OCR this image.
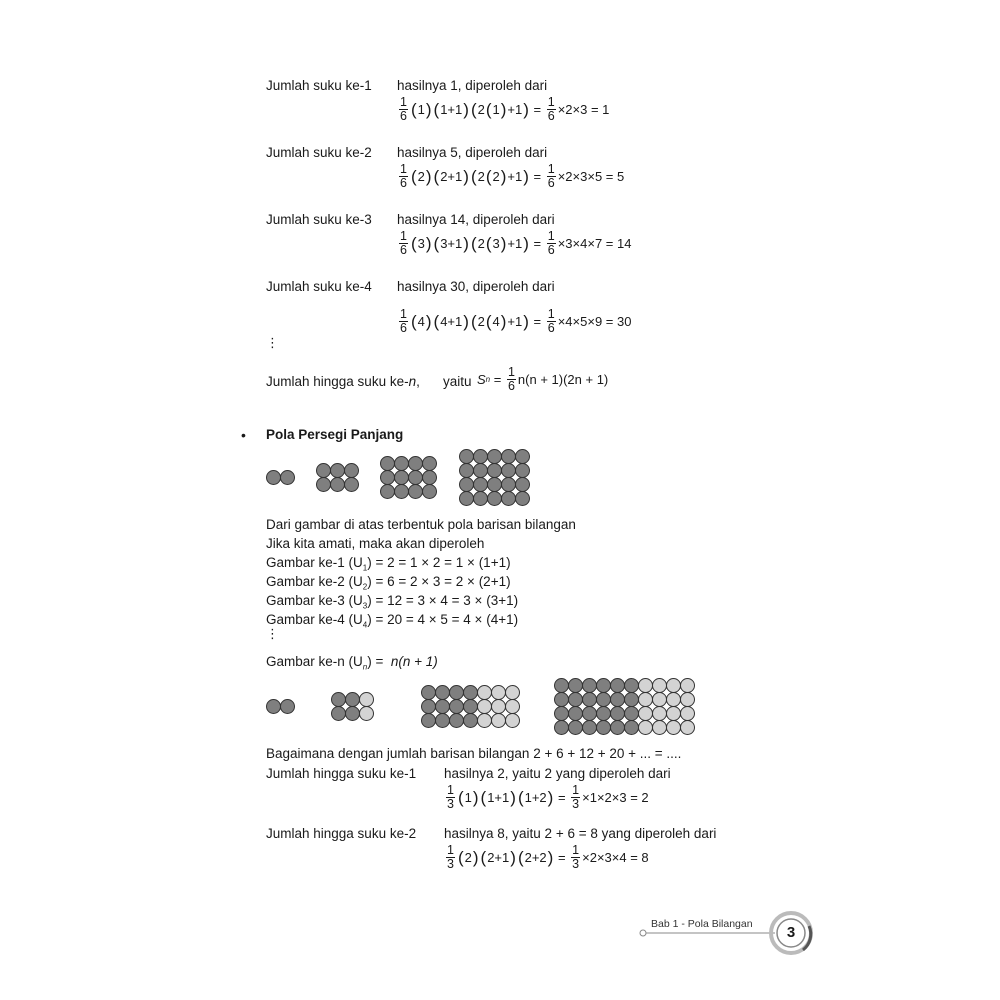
Jumlah suku ke-1 hasilnya 1, diperoleh dari
$\frac{1}{6}$ ( 1 ) ( 1+1 ) ( 2 ( 1 ) +1 ) = $\frac{1}{6} \times 2\times 3 = 1$
Jumlah suku ke-2 hasilnya 5, diperoleh dari
$\frac{1}{6}$ ( 2 ) ( 2+1 ) ( 2 ( 2 ) +1 ) = $\frac{1}{6} \times 2\times 3\times 5 = 5$
Jumlah suku ke-3 hasilnya 14, diperoleh dari
$\frac{1}{6}$ ( 3 ) ( 3+1 ) ( 2 ( 3 ) +1 ) = $\frac{1}{6} \times 3\times 4\times 7 = 14$
Jumlah suku ke-4 hasilnya 30, diperoleh dari
$\frac{1}{6}$ ( 4 ) ( 4+1 ) ( 2 ( 4 ) +1 ) = $\frac{1}{6} \times 4\times 5\times 9 = 30$
⋮
Jumlah hingga suku ke-n, yaitu S n
=
$\frac{1}{6} n(n + 1)(2n + 1)$
• Pola Persegi Panjang
Dari gambar di atas terbentuk pola barisan bilangan
Jika kita amati, maka akan diperoleh
Gambar ke-1 $(U_1) = 2 = 1 \times 2 = 1 \times (1+1)$
Gambar ke-2 $(U_2) = 6 = 2 \times 3 = 2 \times (2+1)$
Gambar ke-3 $(U_3) = 12 = 3 \times 4 = 3 \times (3+1)$
Gambar ke-4 $(U_4) = 20 = 4 \times 5 = 4 \times (4+1)$
⋮
Gambar ke-n $(U_n) = n(n + 1)$
Bagaimana dengan jumlah barisan bilangan 2 + 6 + 12 + 20 + ... = ....
Jumlah hingga suku ke-1 hasilnya 2, yaitu 2 yang diperoleh dari
$\frac{1}{3}$ ( 1 ) ( 1+1 ) ( 1+2 ) = $\frac{1}{3} \times 1\times 2\times 3 = 2$
Jumlah hingga suku ke-2 hasilnya 8, yaitu 2 + 6 = 8 yang diperoleh dari
$\frac{1}{3}$ ( 2 ) ( 2+1 ) ( 2+2 ) = $\frac{1}{3} \times 2\times 3\times 4 = 8$
Bab 1 - Pola Bilangan 3
